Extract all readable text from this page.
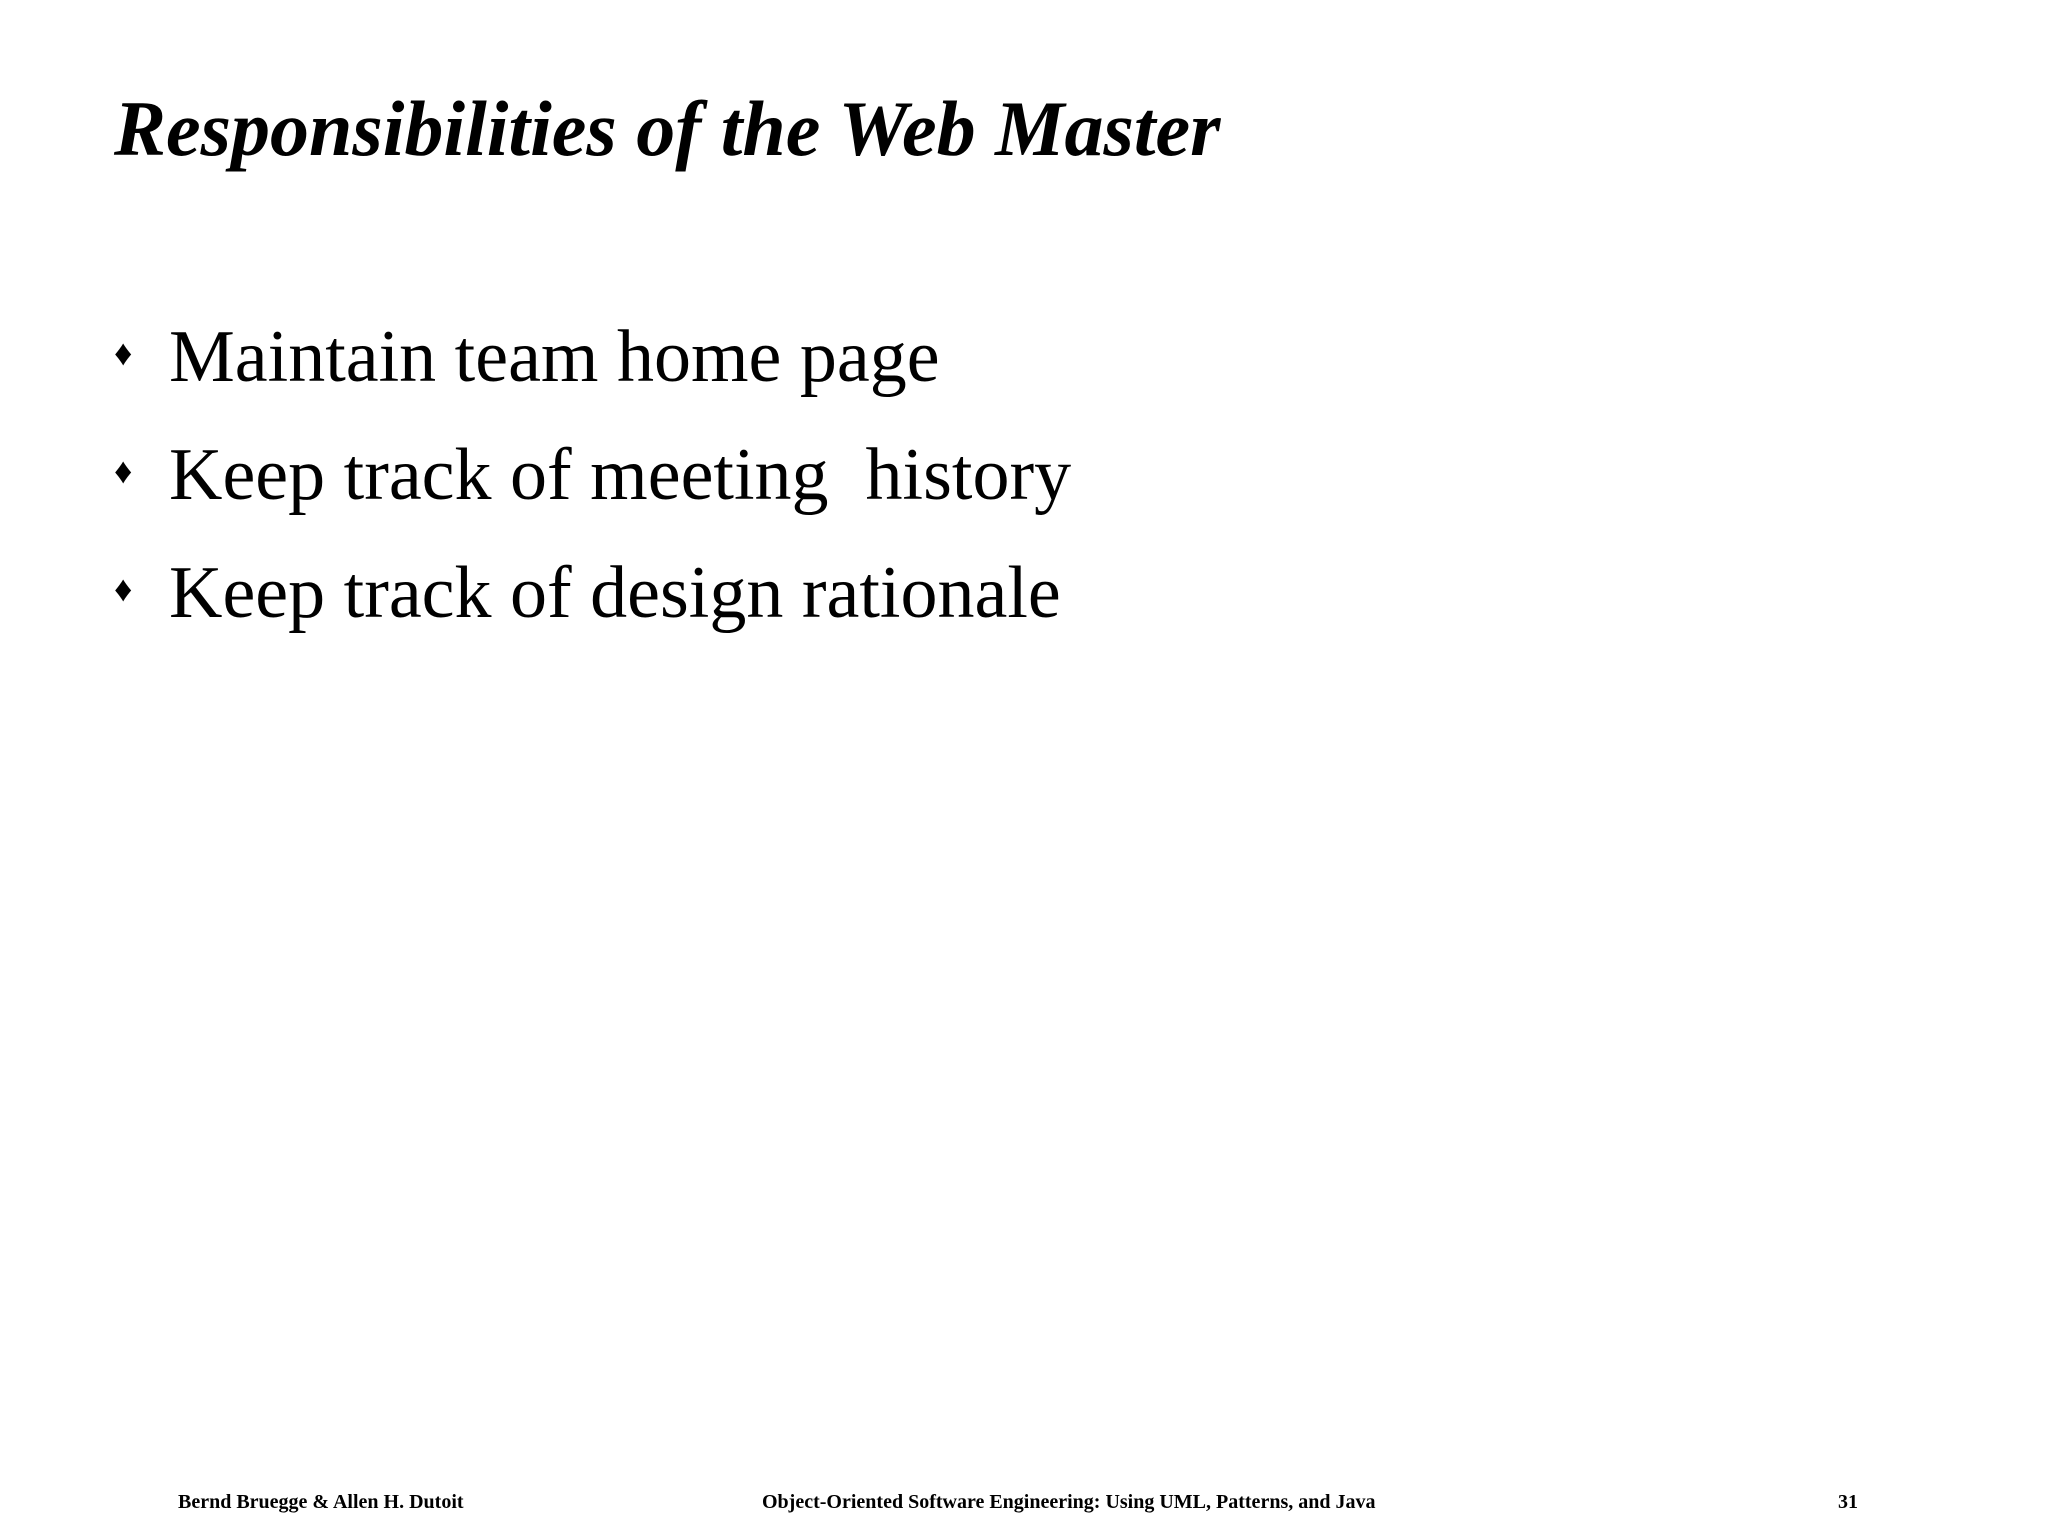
Responsibilities of the Web Master
♦ Maintain team home page
♦ Keep track of meeting  history
♦ Keep track of design rationale
Bernd Bruegge & Allen H. Dutoit	Object-Oriented Software Engineering: Using UML, Patterns, and Java	31
